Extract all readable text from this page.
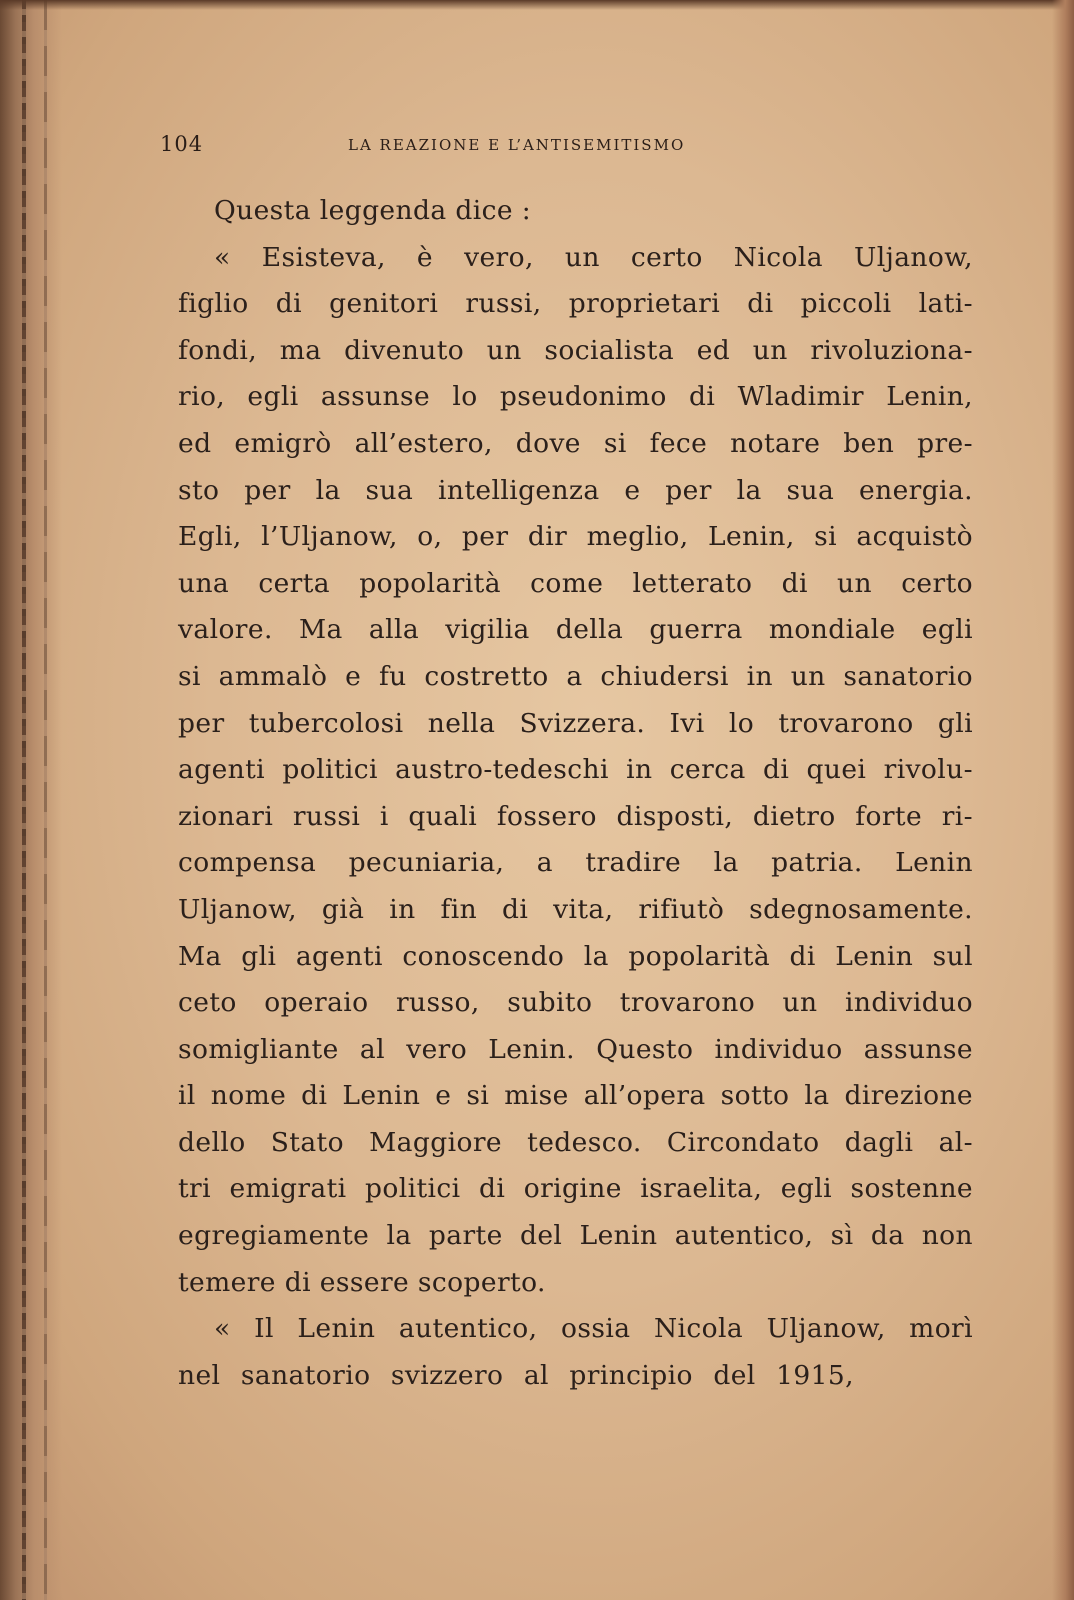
104	LA REAZIONE E L’ANTISEMITISMO
Questa leggenda dice :
« Esisteva, è vero, un certo Nicola Uljanow,
figlio di genitori russi, proprietari di piccoli lati-
fondi, ma divenuto un socialista ed un rivoluziona-
rio, egli assunse lo pseudonimo di Wladimir Lenin,
ed emigrò all’estero, dove si fece notare ben pre-
sto per la sua intelligenza e per la sua energia.
Egli, l’Uljanow, o, per dir meglio, Lenin, si acquistò
una certa popolarità come letterato di un certo
valore. Ma alla vigilia della guerra mondiale egli
si ammalò e fu costretto a chiudersi in un sanatorio
per tubercolosi nella Svizzera. Ivi lo trovarono gli
agenti politici austro-tedeschi in cerca di quei rivolu-
zionari russi i quali fossero disposti, dietro forte ri-
compensa pecuniaria, a tradire la patria. Lenin
Uljanow, già in fin di vita, rifiutò sdegnosamente.
Ma gli agenti conoscendo la popolarità di Lenin sul
ceto operaio russo, subito trovarono un individuo
somigliante al vero Lenin. Questo individuo assunse
il nome di Lenin e si mise all’opera sotto la direzione
dello Stato Maggiore tedesco. Circondato dagli al-
tri emigrati politici di origine israelita, egli sostenne
egregiamente la parte del Lenin autentico, sì da non
temere di essere scoperto.
« Il Lenin autentico, ossia Nicola Uljanow, morì
nel sanatorio svizzero al principio del 1915,
